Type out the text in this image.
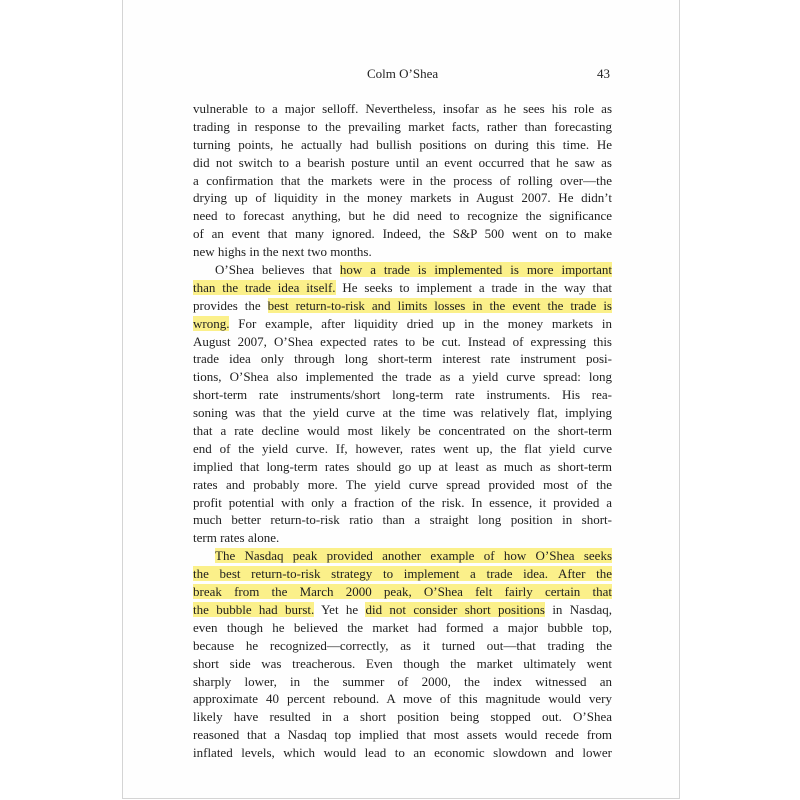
Colm O’Shea	43
vulnerable to a major selloff. Nevertheless, insofar as he sees his role as
trading in response to the prevailing market facts, rather than forecasting
turning points, he actually had bullish positions on during this time. He
did not switch to a bearish posture until an event occurred that he saw as
a confirmation that the markets were in the process of rolling over—the
drying up of liquidity in the money markets in August 2007. He didn’t
need to forecast anything, but he did need to recognize the significance
of an event that many ignored. Indeed, the S&P 500 went on to make
new highs in the next two months.
O’Shea believes that how a trade is implemented is more important
than the trade idea itself. He seeks to implement a trade in the way that
provides the best return-to-risk and limits losses in the event the trade is
wrong. For example, after liquidity dried up in the money markets in
August 2007, O’Shea expected rates to be cut. Instead of expressing this
trade idea only through long short-term interest rate instrument posi-
tions, O’Shea also implemented the trade as a yield curve spread: long
short-term rate instruments/short long-term rate instruments. His rea-
soning was that the yield curve at the time was relatively flat, implying
that a rate decline would most likely be concentrated on the short-term
end of the yield curve. If, however, rates went up, the flat yield curve
implied that long-term rates should go up at least as much as short-term
rates and probably more. The yield curve spread provided most of the
profit potential with only a fraction of the risk. In essence, it provided a
much better return-to-risk ratio than a straight long position in short-
term rates alone.
The Nasdaq peak provided another example of how O’Shea seeks
the best return-to-risk strategy to implement a trade idea. After the
break from the March 2000 peak, O’Shea felt fairly certain that
the bubble had burst. Yet he did not consider short positions in Nasdaq,
even though he believed the market had formed a major bubble top,
because he recognized—correctly, as it turned out—that trading the
short side was treacherous. Even though the market ultimately went
sharply lower, in the summer of 2000, the index witnessed an
approximate 40 percent rebound. A move of this magnitude would very
likely have resulted in a short position being stopped out. O’Shea
reasoned that a Nasdaq top implied that most assets would recede from
inflated levels, which would lead to an economic slowdown and lower
